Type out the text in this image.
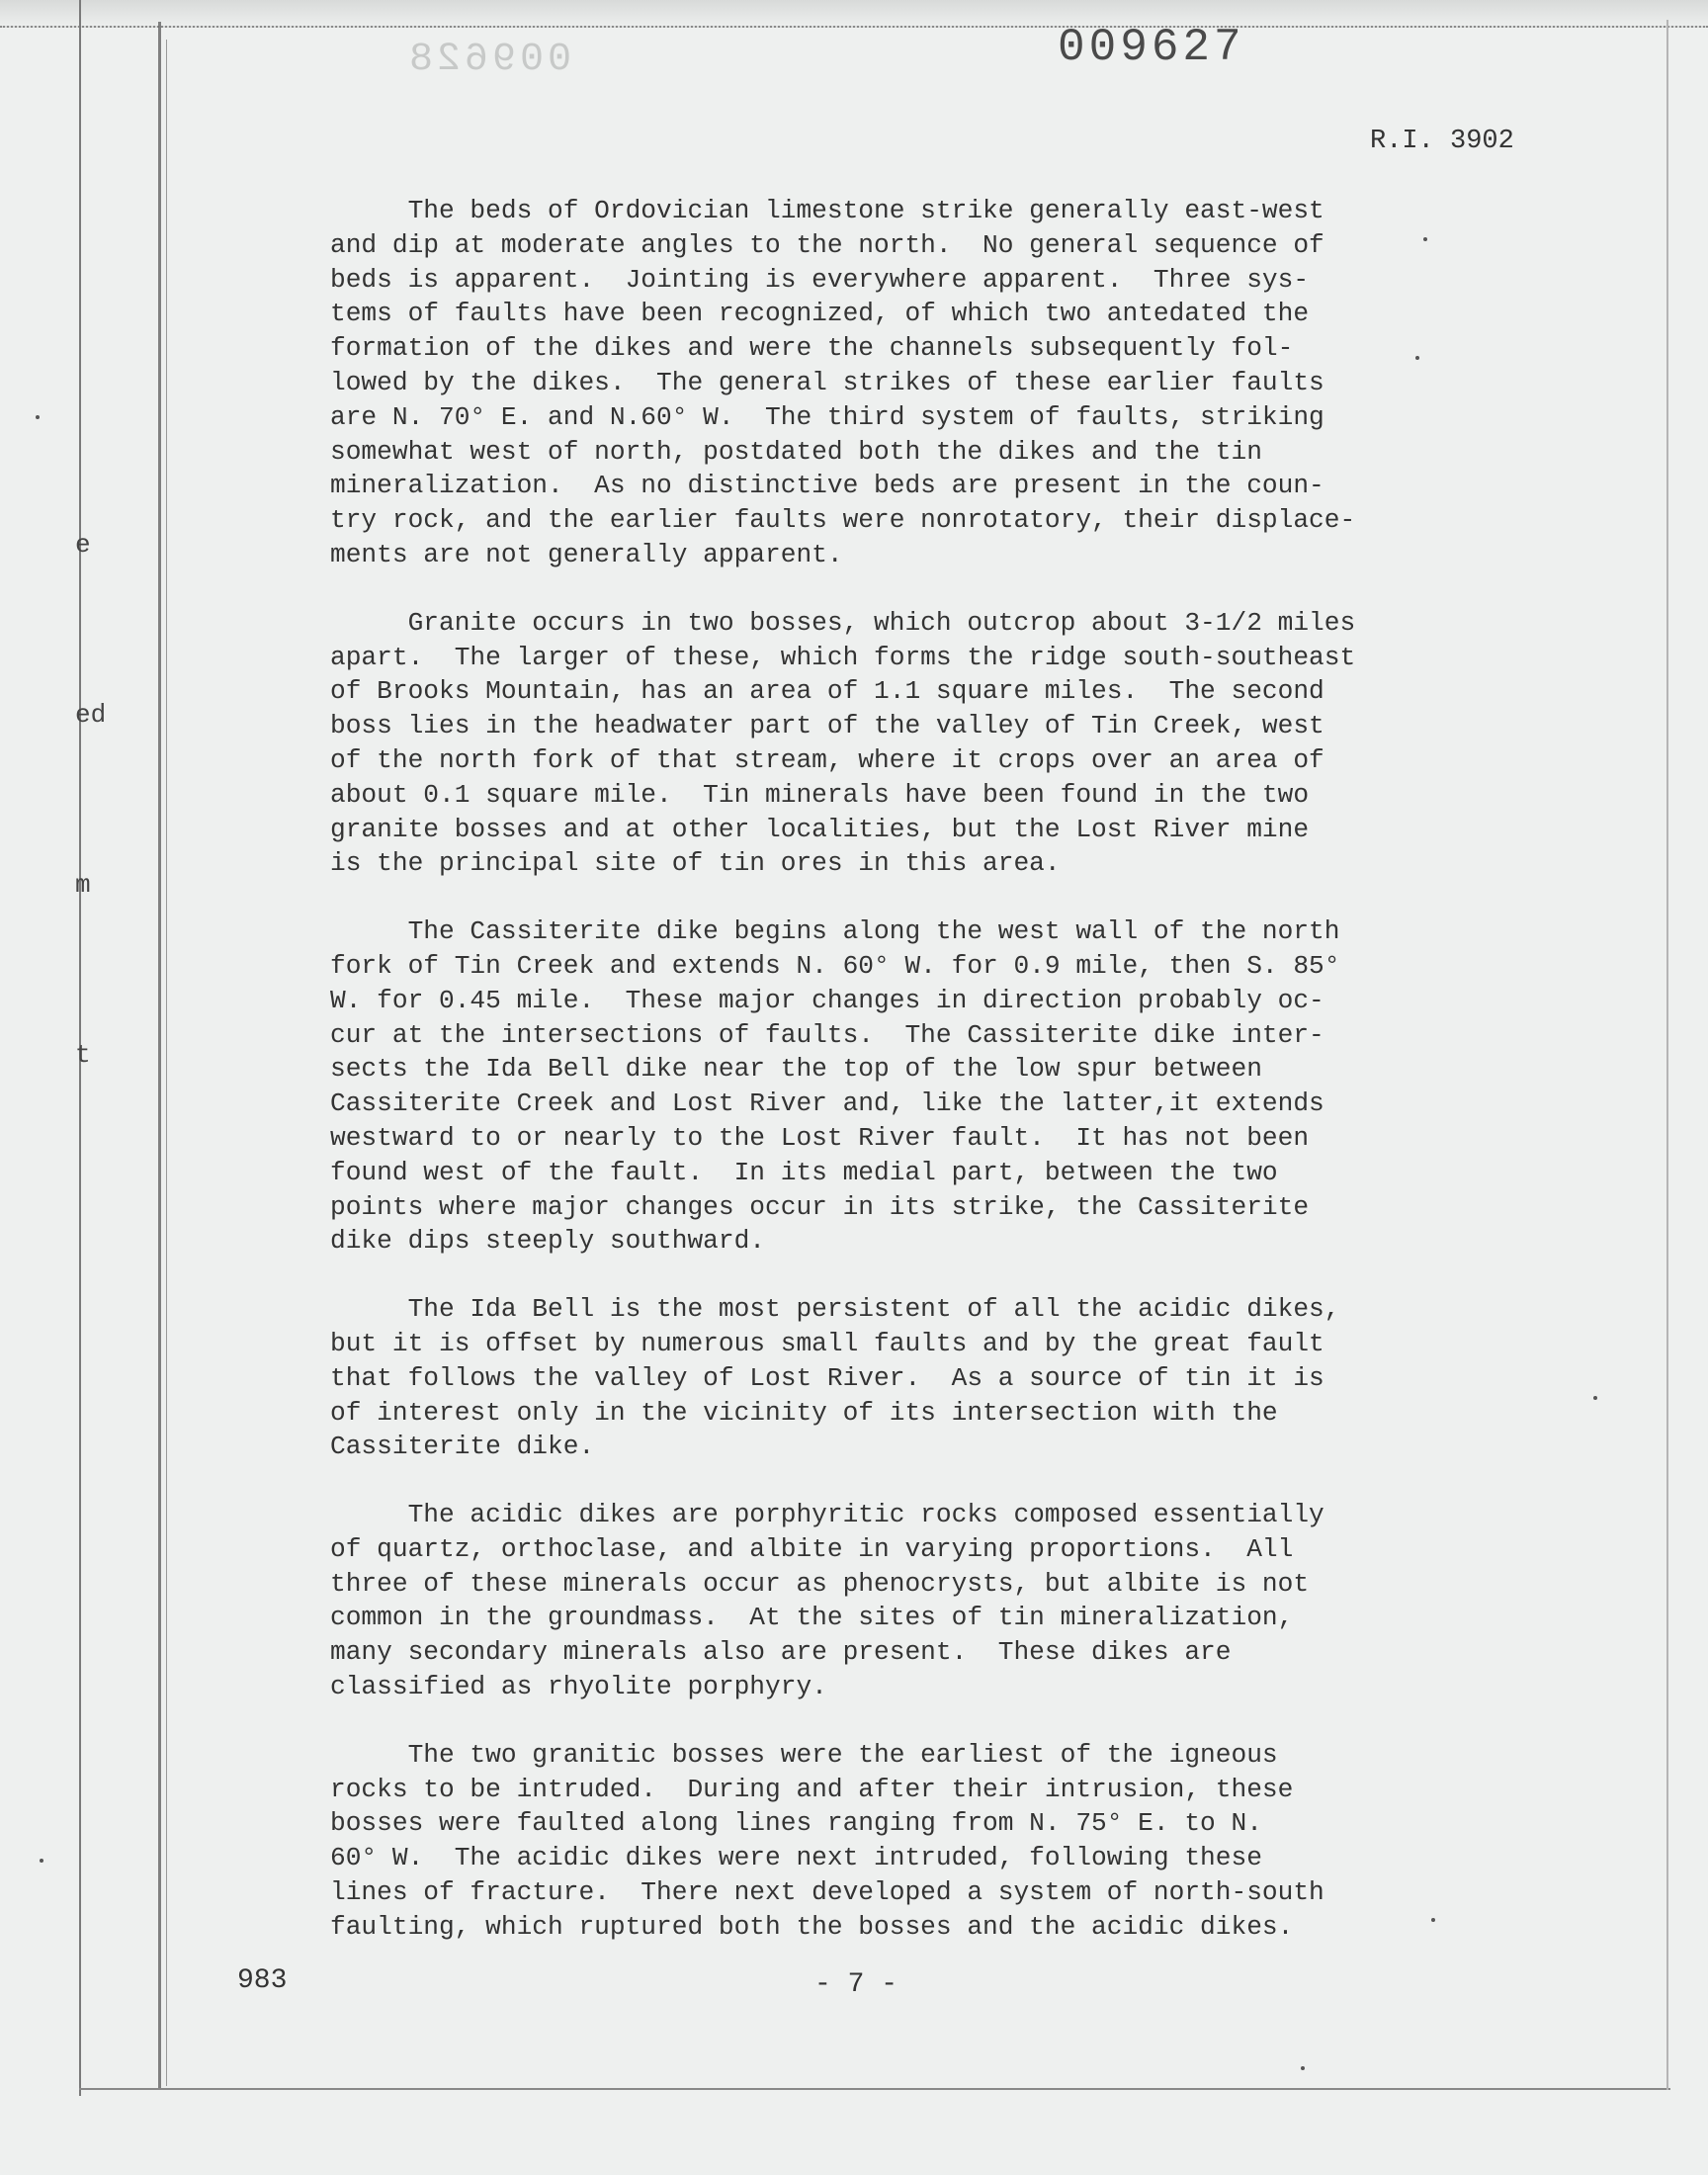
e
ed
m
t
009628	009627
R.I. 3902
The beds of Ordovician limestone strike generally east-west
and dip at moderate angles to the north.  No general sequence of
beds is apparent.  Jointing is everywhere apparent.  Three sys-
tems of faults have been recognized, of which two antedated the
formation of the dikes and were the channels subsequently fol-
lowed by the dikes.  The general strikes of these earlier faults
are N. 70° E. and N.60° W.  The third system of faults, striking
somewhat west of north, postdated both the dikes and the tin
mineralization.  As no distinctive beds are present in the coun-
try rock, and the earlier faults were nonrotatory, their displace-
ments are not generally apparent.
Granite occurs in two bosses, which outcrop about 3-1/2 miles
apart.  The larger of these, which forms the ridge south-southeast
of Brooks Mountain, has an area of 1.1 square miles.  The second
boss lies in the headwater part of the valley of Tin Creek, west
of the north fork of that stream, where it crops over an area of
about 0.1 square mile.  Tin minerals have been found in the two
granite bosses and at other localities, but the Lost River mine
is the principal site of tin ores in this area.
The Cassiterite dike begins along the west wall of the north
fork of Tin Creek and extends N. 60° W. for 0.9 mile, then S. 85°
W. for 0.45 mile.  These major changes in direction probably oc-
cur at the intersections of faults.  The Cassiterite dike inter-
sects the Ida Bell dike near the top of the low spur between
Cassiterite Creek and Lost River and, like the latter,it extends
westward to or nearly to the Lost River fault.  It has not been
found west of the fault.  In its medial part, between the two
points where major changes occur in its strike, the Cassiterite
dike dips steeply southward.
The Ida Bell is the most persistent of all the acidic dikes,
but it is offset by numerous small faults and by the great fault
that follows the valley of Lost River.  As a source of tin it is
of interest only in the vicinity of its intersection with the
Cassiterite dike.
The acidic dikes are porphyritic rocks composed essentially
of quartz, orthoclase, and albite in varying proportions.  All
three of these minerals occur as phenocrysts, but albite is not
common in the groundmass.  At the sites of tin mineralization,
many secondary minerals also are present.  These dikes are
classified as rhyolite porphyry.
The two granitic bosses were the earliest of the igneous
rocks to be intruded.  During and after their intrusion, these
bosses were faulted along lines ranging from N. 75° E. to N.
60° W.  The acidic dikes were next intruded, following these
lines of fracture.  There next developed a system of north-south
faulting, which ruptured both the bosses and the acidic dikes.
983	- 7 -
